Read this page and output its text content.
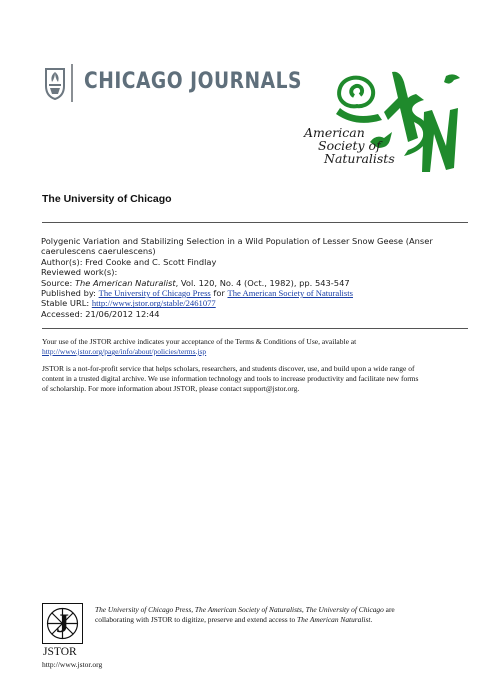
CHICAGO JOURNALS
American
Society of
Naturalists
The University of Chicago
Polygenic Variation and Stabilizing Selection in a Wild Population of Lesser Snow Geese (Anser
caerulescens caerulescens)
Author(s): Fred Cooke and C. Scott Findlay
Reviewed work(s):
Source: The American Naturalist, Vol. 120, No. 4 (Oct., 1982), pp. 543-547
Published by: The University of Chicago Press for The American Society of Naturalists
Stable URL: http://www.jstor.org/stable/2461077
Accessed: 21/06/2012 12:44
Your use of the JSTOR archive indicates your acceptance of the Terms & Conditions of Use, available at
http://www.jstor.org/page/info/about/policies/terms.jsp
JSTOR is a not-for-profit service that helps scholars, researchers, and students discover, use, and build upon a wide range of
content in a trusted digital archive. We use information technology and tools to increase productivity and facilitate new forms
of scholarship. For more information about JSTOR, please contact support@jstor.org.
J
JSTOR
The University of Chicago Press, The American Society of Naturalists, The University of Chicago are
collaborating with JSTOR to digitize, preserve and extend access to The American Naturalist.
http://www.jstor.org
